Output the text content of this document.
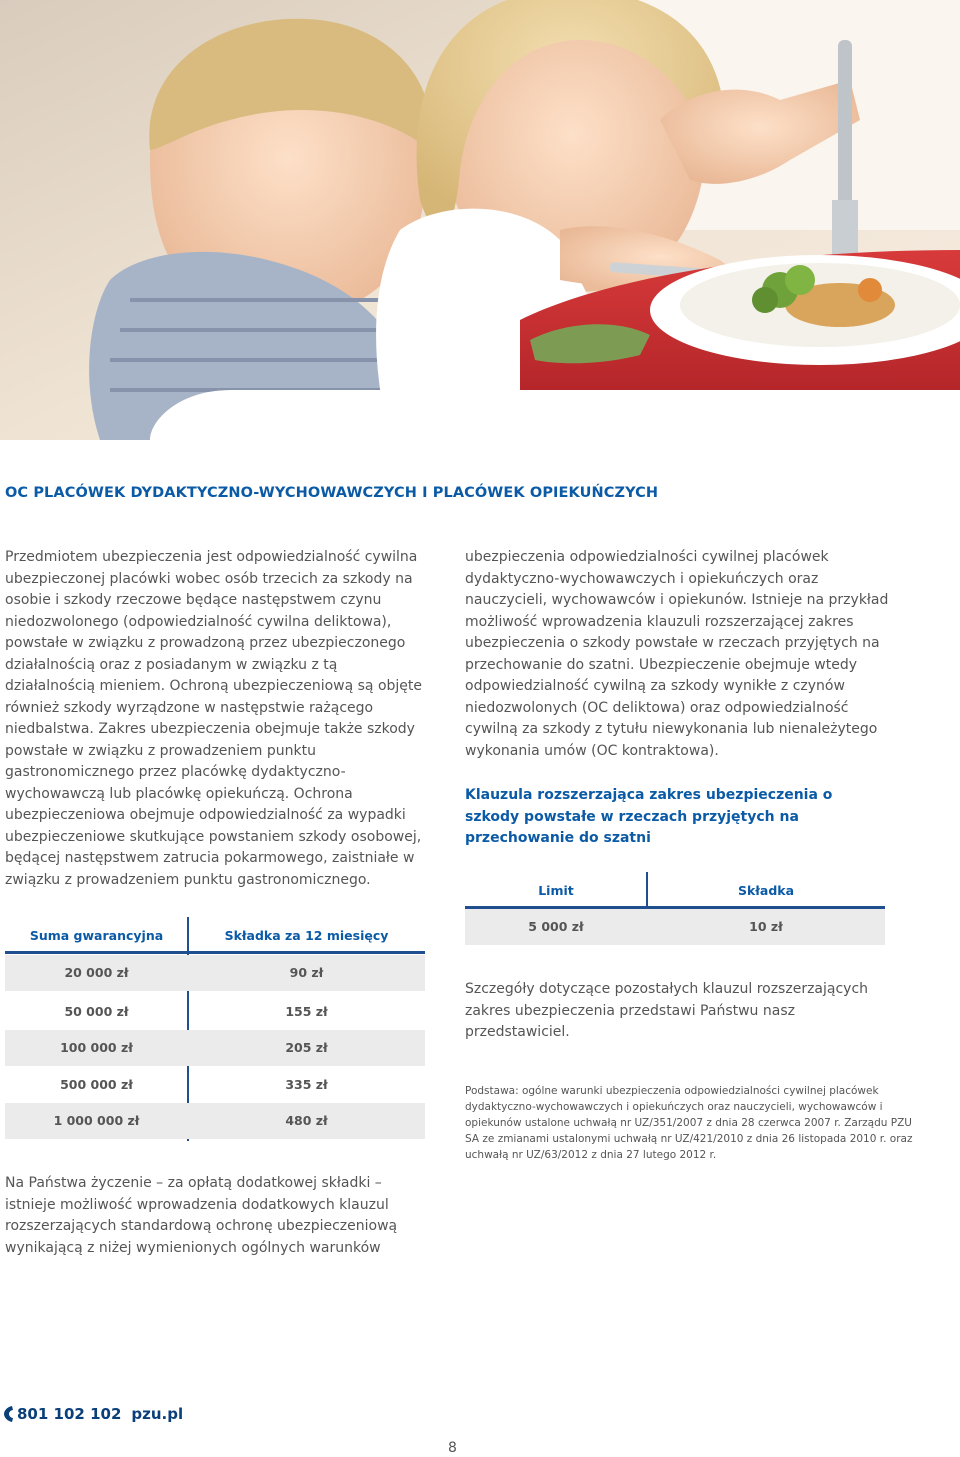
OC PLACÓWEK DYDAKTYCZNO-WYCHOWAWCZYCH I PLACÓWEK OPIEKUŃCZYCH
Przedmiotem ubezpieczenia jest odpowiedzialność cywilna ubezpieczonej placówki wobec osób trzecich za szkody na osobie i szkody rzeczowe będące następstwem czynu niedozwolonego (odpowiedzialność cywilna deliktowa), powstałe w związku z prowadzoną przez ubezpieczonego działalnością oraz z posiadanym w związku z tą działalnością mieniem. Ochroną ubezpieczeniową są objęte również szkody wyrządzone w następstwie rażącego niedbalstwa. Zakres ubezpieczenia obejmuje także szkody powstałe w związku z prowadzeniem punktu gastronomicznego przez placówkę dydaktyczno-wychowawczą lub placówkę opiekuńczą. Ochrona ubezpieczeniowa obejmuje odpowiedzialność za wypadki ubezpieczeniowe skutkujące powstaniem szkody osobowej, będącej następstwem zatrucia pokarmowego, zaistniałe w związku z prowadzeniem punktu gastronomicznego.
ubezpieczenia odpowiedzialności cywilnej placówek dydaktyczno-wychowawczych i opiekuńczych oraz nauczycieli, wychowawców i opiekunów. Istnieje na przykład możliwość wprowadzenia klauzuli rozszerzającej zakres ubezpieczenia o szkody powstałe w rzeczach przyjętych na przechowanie do szatni. Ubezpieczenie obejmuje wtedy odpowiedzialność cywilną za szkody wynikłe z czynów niedozwolonych (OC deliktowa) oraz odpowiedzialność cywilną za szkody z tytułu niewykonania lub nienależytego wykonania umów (OC kontraktowa).
Klauzula rozszerzająca zakres ubezpieczenia o szkody powstałe w rzeczach przyjętych na przechowanie do szatni
Limit	Składka
5 000 zł	10 zł
Suma gwarancyjna	Składka za 12 miesięcy
20 000 zł	90 zł
50 000 zł	155 zł
100 000 zł	205 zł
500 000 zł	335 zł
1 000 000 zł	480 zł
Szczegóły dotyczące pozostałych klauzul rozszerzających zakres ubezpieczenia przedstawi Państwu nasz przedstawiciel.
Podstawa: ogólne warunki ubezpieczenia odpowiedzialności cywilnej placówek dydaktyczno-wychowawczych i opiekuńczych oraz nauczycieli, wychowawców i opiekunów ustalone uchwałą nr UZ/351/2007 z dnia 28 czerwca 2007 r. Zarządu PZU SA ze zmianami ustalonymi uchwałą nr UZ/421/2010 z dnia 26 listopada 2010 r. oraz uchwałą nr UZ/63/2012 z dnia 27 lutego 2012 r.
Na Państwa życzenie – za opłatą dodatkowej składki – istnieje możliwość wprowadzenia dodatkowych klauzul rozszerzających standardową ochronę ubezpieczeniową wynikającą z niżej wymienionych ogólnych warunków
801 102 102 pzu.pl
8
